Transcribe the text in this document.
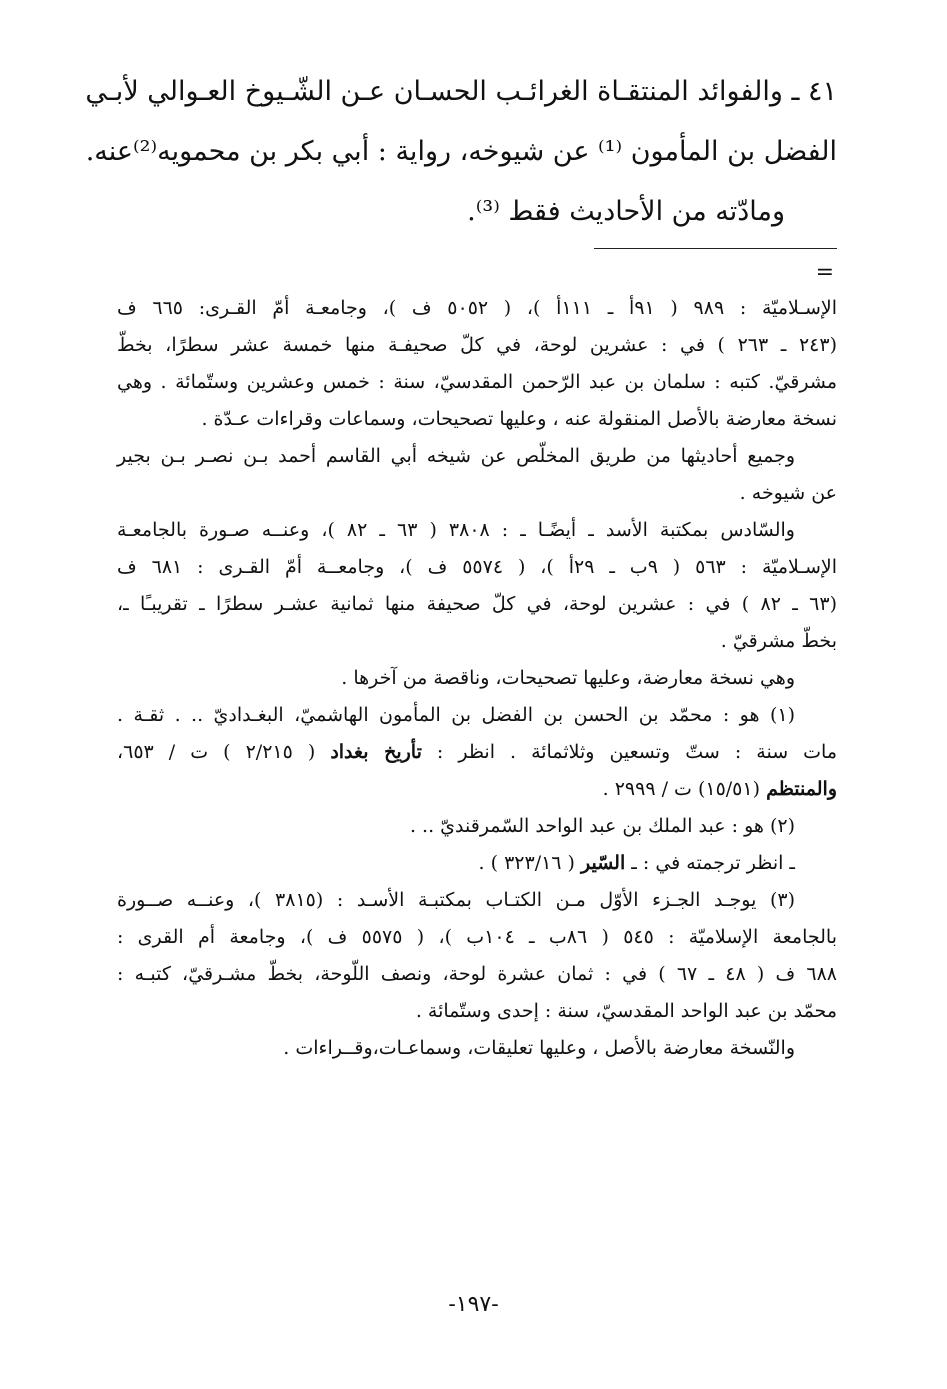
٤١ ـ والفوائد المنتقـاة الغرائـب الحسـان عـن الشّـيوخ العـوالي لأبـي
الفضل بن المأمون ⁽¹⁾ عن شيوخه، رواية : أبي بكر بن محمويه⁽²⁾عنه.
ومادّته من الأحاديث فقط ⁽³⁾.
=
الإسـلاميّة : ٩٨٩ ( ٩١أ ـ ١١١أ )، ( ٥٠٥٢ ف )، وجامعـة أمّ القـرى: ٦٦٥ ف
(٢٤٣ ـ ٢٦٣ ) في : عشرين لوحة، في كلّ صحيفـة منها خمسة عشر سطرًا، بخطّ
مشرقيّ. كتبه : سلمان بن عبد الرّحمن المقدسيّ، سنة : خمس وعشرين وستّمائة . وهي
نسخة معارضة بالأصل المنقولة عنه ، وعليها تصحيحات، وسماعات وقراءات عـدّة .
وجميع أحاديثها من طريق المخلّص عن شيخه أبي القاسم أحمد بـن نصـر بـن بجير
عن شيوخه .
والسّادس بمكتبة الأسد ـ أيضًـا ـ : ٣٨٠٨ ( ٦٣ ـ ٨٢ )، وعنــه صـورة بالجامعـة
الإسـلاميّة : ٥٦٣ ( ٩ب ـ ٢٩أ )، ( ٥٥٧٤ ف )، وجامعــة أمّ القـرى : ٦٨١ ف
(٦٣ ـ ٨٢ ) في : عشرين لوحة، في كلّ صحيفة منها ثمانية عشـر سطرًا ـ تقريبـًا ـ،
بخطّ مشرقيّ .
وهي نسخة معارضة، وعليها تصحيحات، وناقصة من آخرها .
(١) هو : محمّد بن الحسن بن الفضل بن المأمون الهاشميّ، البغـداديّ .. . ثقـة .
مات سنة : ستّ وتسعين وثلاثمائة . انظر : تأريخ بغداد ( ٢/٢١٥ ) ت / ٦٥٣،
والمنتظم (١٥/٥١) ت / ٢٩٩٩ .
(٢) هو : عبد الملك بن عبد الواحد السّمرقنديّ .. .
ـ انظر ترجمته في : ـ السّير ( ٣٢٣/١٦ ) .
(٣) يوجـد الجـزء الأوّل مـن الكتـاب بمكتبـة الأسـد : (٣٨١٥ )، وعنــه صــورة
بالجامعة الإسلاميّة : ٥٤٥ ( ٨٦ب ـ ١٠٤ب )، ( ٥٥٧٥ ف )، وجامعة أم القرى :
٦٨٨ ف ( ٤٨ ـ ٦٧ ) في : ثمان عشرة لوحة، ونصف اللّوحة، بخطّ مشـرقيّ، كتبـه :
محمّد بن عبد الواحد المقدسيّ، سنة : إحدى وستّمائة .
والنّسخة معارضة بالأصل ، وعليها تعليقات، وسماعـات،وقــراءات .
-١٩٧-
